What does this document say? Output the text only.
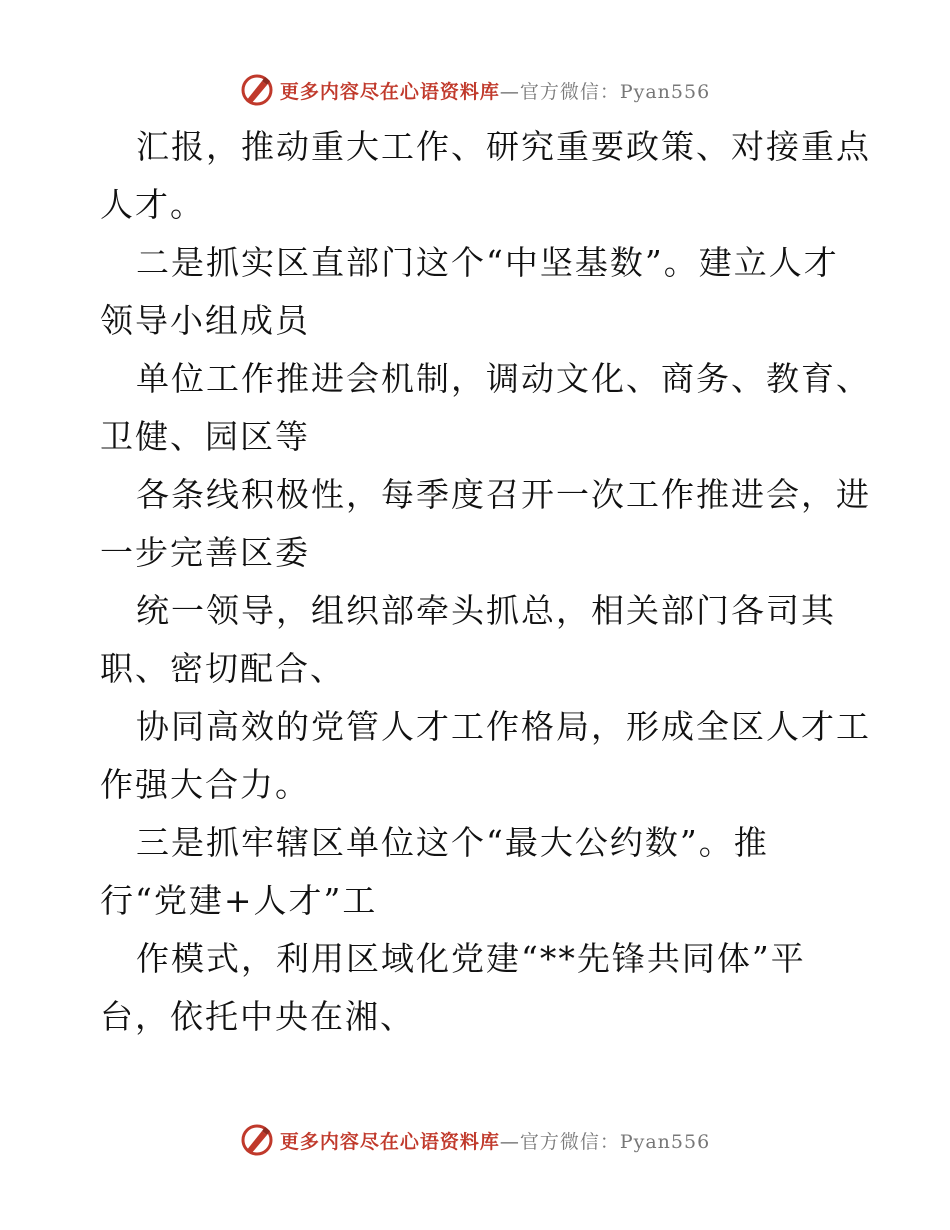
更多内容尽在心语资料库—官方微信：Pyan556
汇报，推动重大工作、研究重要政策、对接重点
人才。
二是抓实区直部门这个“中坚基数”。建立人才
领导小组成员
单位工作推进会机制，调动文化、商务、教育、
卫健、园区等
各条线积极性，每季度召开一次工作推进会，进
一步完善区委
统一领导，组织部牵头抓总，相关部门各司其
职、密切配合、
协同高效的党管人才工作格局，形成全区人才工
作强大合力。
三是抓牢辖区单位这个“最大公约数”。推
行“党建+人才”工
作模式，利用区域化党建“**先锋共同体”平
台，依托中央在湘、
更多内容尽在心语资料库—官方微信：Pyan556
